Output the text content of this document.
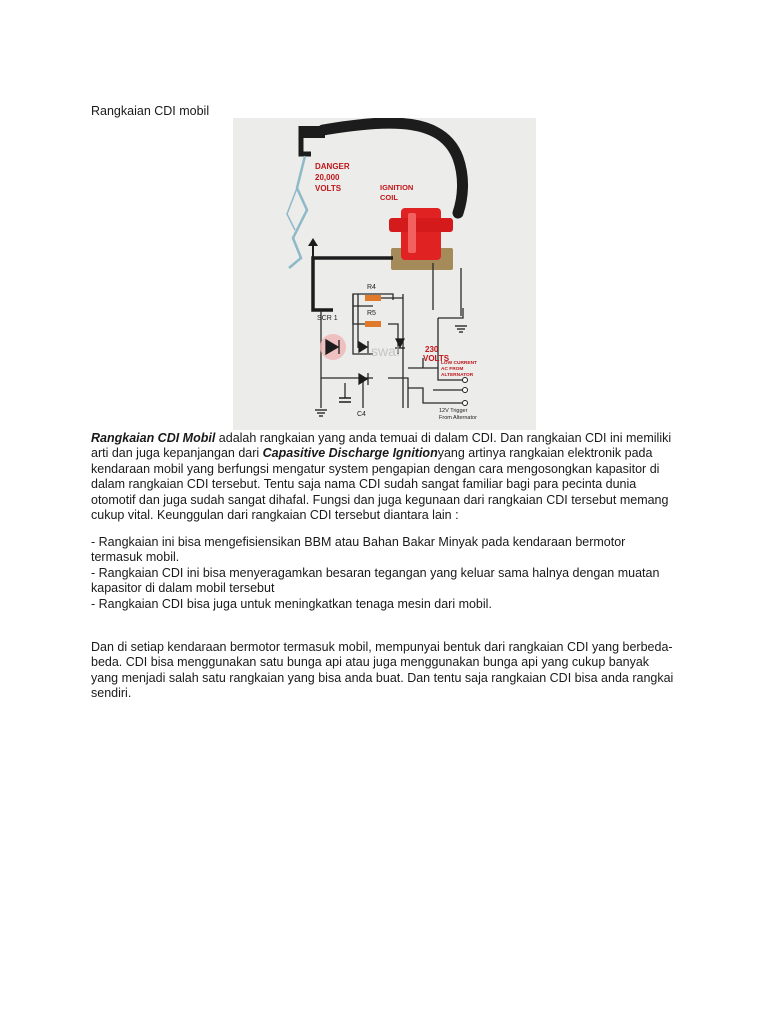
Rangkaian CDI mobil
DANGER 20,000 VOLTS	IGNITION COIL
R4
R5
SCR 1
C4
230 VOLTS
LOW CURRENT AC FROM ALTERNATOR
12V Trigger From Alternator
swa!
Rangkaian CDI Mobil adalah rangkaian yang anda temuai di dalam CDI. Dan rangkaian CDI ini memiliki
arti dan juga kepanjangan dari Capasitive Discharge Ignitionyang artinya rangkaian elektronik pada
kendaraan mobil yang berfungsi mengatur system pengapian dengan cara mengosongkan kapasitor di
dalam rangkaian CDI tersebut. Tentu saja nama CDI sudah sangat familiar bagi para pecinta dunia
otomotif dan juga sudah sangat dihafal. Fungsi dan juga kegunaan dari rangkaian CDI tersebut memang
cukup vital. Keunggulan dari rangkaian CDI tersebut diantara lain :
- Rangkaian ini bisa mengefisiensikan BBM atau Bahan Bakar Minyak pada kendaraan bermotor
termasuk mobil.
- Rangkaian CDI ini bisa menyeragamkan besaran tegangan yang keluar sama halnya dengan muatan
kapasitor di dalam mobil tersebut
- Rangkaian CDI bisa juga untuk meningkatkan tenaga mesin dari mobil.
Dan di setiap kendaraan bermotor termasuk mobil, mempunyai bentuk dari rangkaian CDI yang berbeda-
beda. CDI bisa menggunakan satu bunga api atau juga menggunakan bunga api yang cukup banyak
yang menjadi salah satu rangkaian yang bisa anda buat. Dan tentu saja rangkaian CDI bisa anda rangkai
sendiri.
